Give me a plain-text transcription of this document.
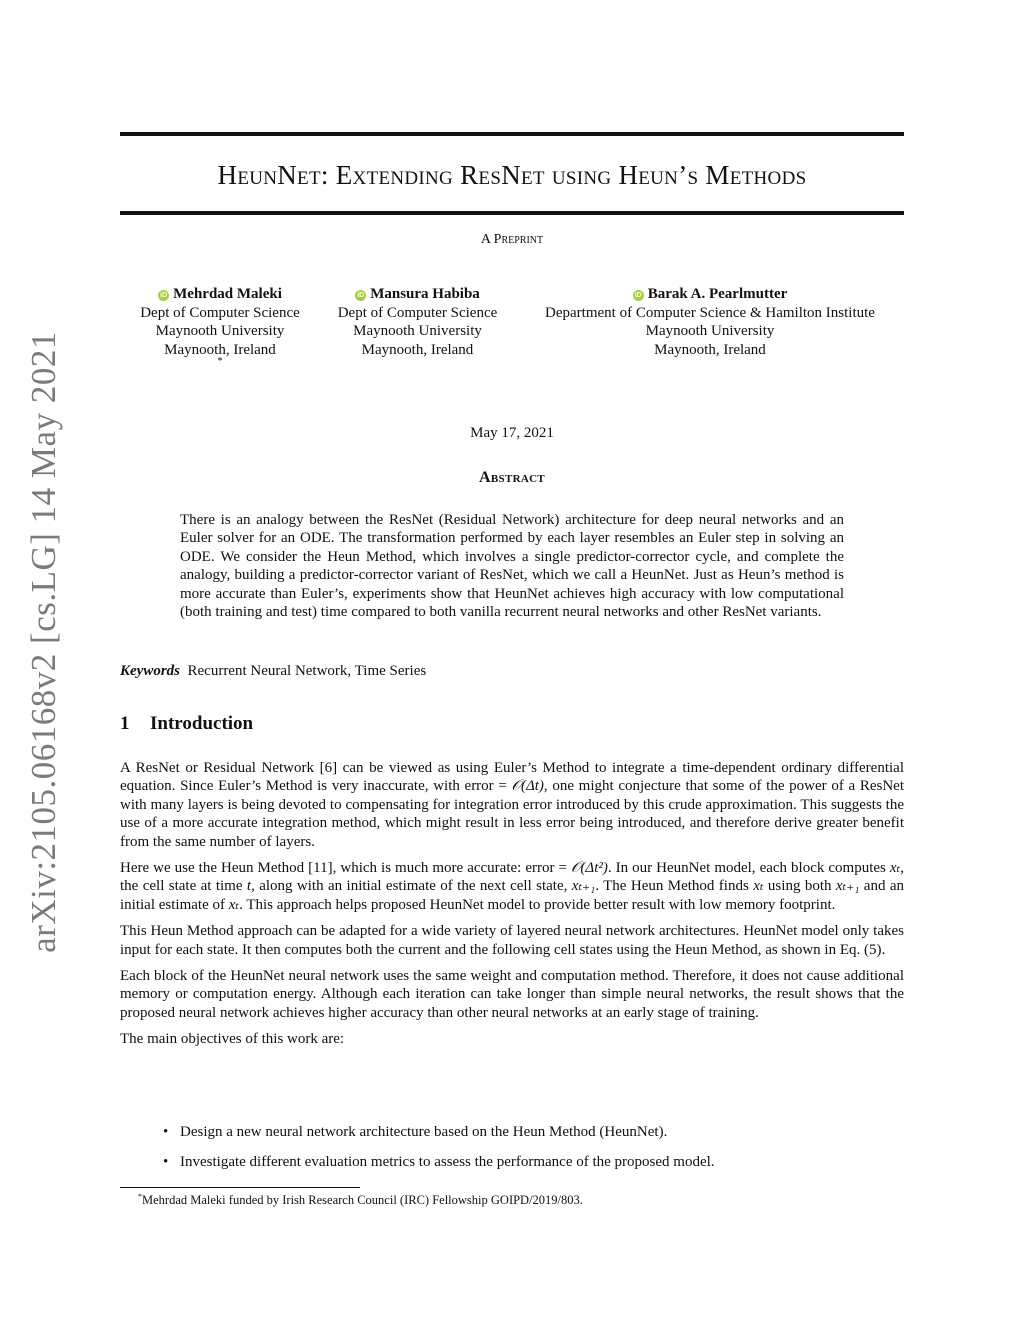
arXiv:2105.06168v2 [cs.LG] 14 May 2021
HeunNet: Extending ResNet using Heun’s Methods
A Preprint
iD Mehrdad Maleki
Dept of Computer Science
Maynooth University
Maynooth, Ireland
*
iD Mansura Habiba
Dept of Computer Science
Maynooth University
Maynooth, Ireland
iD Barak A. Pearlmutter
Department of Computer Science & Hamilton Institute
Maynooth University
Maynooth, Ireland
May 17, 2021
Abstract
There is an analogy between the ResNet (Residual Network) architecture for deep neural networks and an Euler solver for an ODE. The transformation performed by each layer resembles an Euler step in solving an ODE. We consider the Heun Method, which involves a single predictor-corrector cycle, and complete the analogy, building a predictor-corrector variant of ResNet, which we call a HeunNet. Just as Heun’s method is more accurate than Euler’s, experiments show that HeunNet achieves high accuracy with low computational (both training and test) time compared to both vanilla recurrent neural networks and other ResNet variants.
Keywords Recurrent Neural Network, Time Series
1 Introduction

A ResNet or Residual Network [6] can be viewed as using Euler’s Method to integrate a time-dependent ordinary differential equation. Since Euler’s Method is very inaccurate, with error = 𝒪(Δt), one might conjecture that some of the power of a ResNet with many layers is being devoted to compensating for integration error introduced by this crude approximation. This suggests the use of a more accurate integration method, which might result in less error being introduced, and therefore derive greater benefit from the same number of layers.

Here we use the Heun Method [11], which is much more accurate: error = 𝒪(Δt²). In our HeunNet model, each block computes xₜ, the cell state at time t, along with an initial estimate of the next cell state, xₜ₊₁. The Heun Method finds xₜ using both xₜ₊₁ and an initial estimate of xₜ. This approach helps proposed HeunNet model to provide better result with low memory footprint.

This Heun Method approach can be adapted for a wide variety of layered neural network architectures. HeunNet model only takes input for each state. It then computes both the current and the following cell states using the Heun Method, as shown in Eq. (5).

Each block of the HeunNet neural network uses the same weight and computation method. Therefore, it does not cause additional memory or computation energy. Although each iteration can take longer than simple neural networks, the result shows that the proposed neural network achieves higher accuracy than other neural networks at an early stage of training.

The main objectives of this work are:

• Design a new neural network architecture based on the Heun Method (HeunNet).
• Investigate different evaluation metrics to assess the performance of the proposed model.
*Mehrdad Maleki funded by Irish Research Council (IRC) Fellowship GOIPD/2019/803.
